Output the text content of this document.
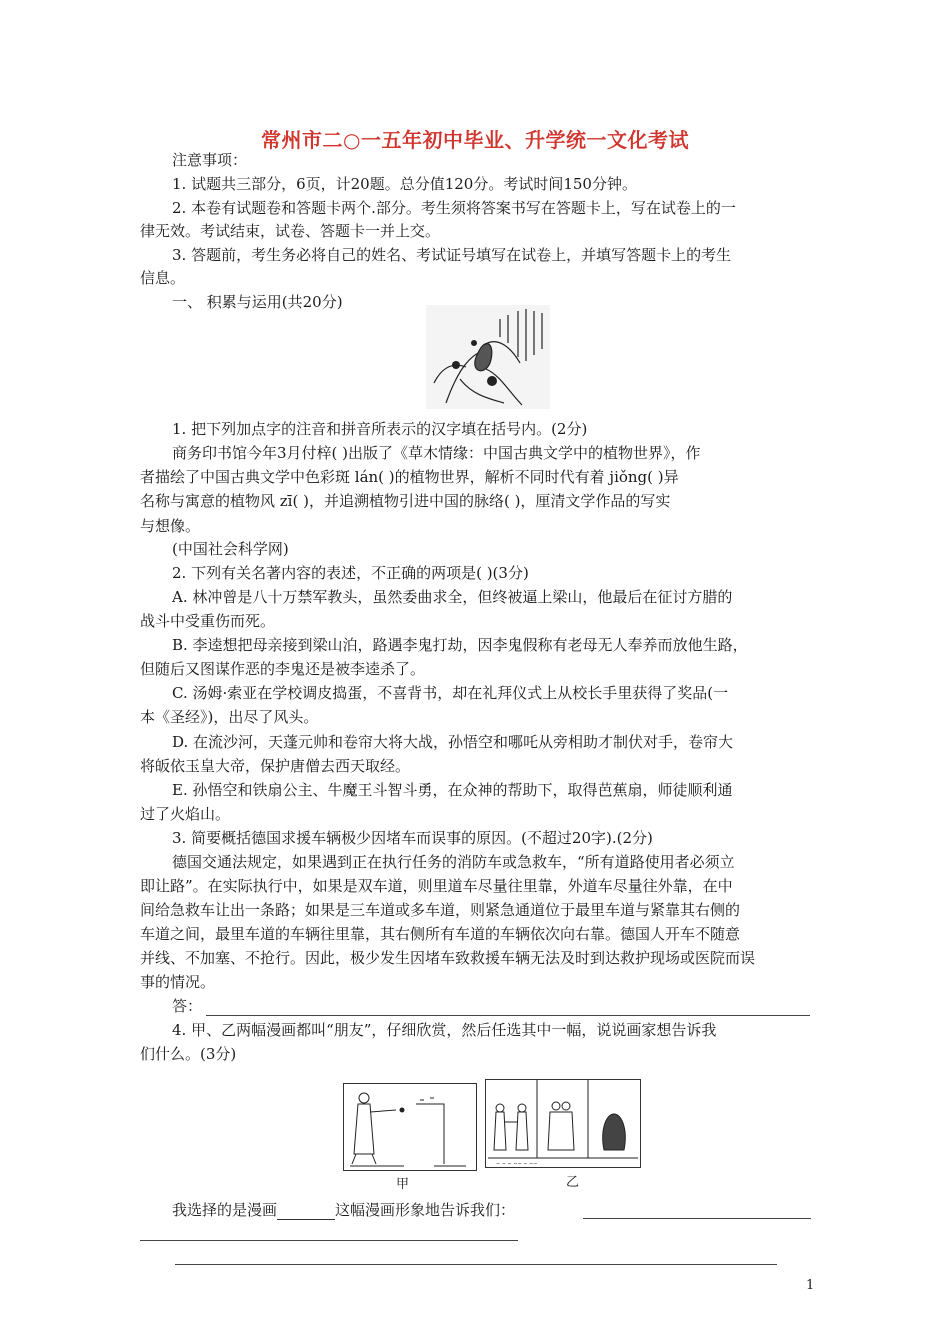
常州市二○一五年初中毕业、升学统一文化考试
注意事项：
1. 试题共三部分，6页，计20题。总分值120分。考试时间150分钟。
2. 本卷有试题卷和答题卡两个.部分。考生须将答案书写在答题卡上，写在试卷上的一
律无效。考试结束，试卷、答题卡一并上交。
3. 答题前，考生务必将自己的姓名、考试证号填写在试卷上，并填写答题卡上的考生
信息。
一、 积累与运用(共20分)
1. 把下列加点字的注音和拼音所表示的汉字填在括号内。(2分)
商务印书馆今年3月付梓( )出版了《草木情缘：中国古典文学中的植物世界》，作
者描绘了中国古典文学中色彩斑 lán( )的植物世界，解析不同时代有着 jiǒng( )异
名称与寓意的植物风 zī( )，并追溯植物引进中国的脉络( )，厘清文学作品的写实
与想像。
(中国社会科学网)
2. 下列有关名著内容的表述，不正确的两项是( )(3分)
A. 林冲曾是八十万禁军教头，虽然委曲求全，但终被逼上梁山，他最后在征讨方腊的
战斗中受重伤而死。
B. 李逵想把母亲接到梁山泊，路遇李鬼打劫，因李鬼假称有老母无人奉养而放他生路，
但随后又图谋作恶的李鬼还是被李逵杀了。
C. 汤姆·索亚在学校调皮捣蛋，不喜背书，却在礼拜仪式上从校长手里获得了奖品(一
本《圣经》)，出尽了风头。
D. 在流沙河，天蓬元帅和卷帘大将大战，孙悟空和哪吒从旁相助才制伏对手，卷帘大
将皈依玉皇大帝，保护唐僧去西天取经。
E. 孙悟空和铁扇公主、牛魔王斗智斗勇，在众神的帮助下，取得芭蕉扇，师徒顺利通
过了火焰山。
3. 简要概括德国求援车辆极少因堵车而误事的原因。(不超过20字).(2分)
德国交通法规定，如果遇到正在执行任务的消防车或急救车，“所有道路使用者必须立
即让路”。在实际执行中，如果是双车道，则里道车尽量往里靠，外道车尽量往外靠，在中
间给急救车让出一条路；如果是三车道或多车道，则紧急通道位于最里车道与紧靠其右侧的
车道之间，最里车道的车辆往里靠，其右侧所有车道的车辆依次向右靠。德国人开车不随意
并线、不加塞、不抢行。因此，极少发生因堵车致救援车辆无法及时到达救护现场或医院而误
事的情况。
答：
4. 甲、乙两幅漫画都叫“朋友”，仔细欣赏，然后任选其中一幅，说说画家想告诉我
们什么。(3分)
~ ~ ~ ~~ ~ ~~
甲	乙
我选择的是漫画	这幅漫画形象地告诉我们：
1
